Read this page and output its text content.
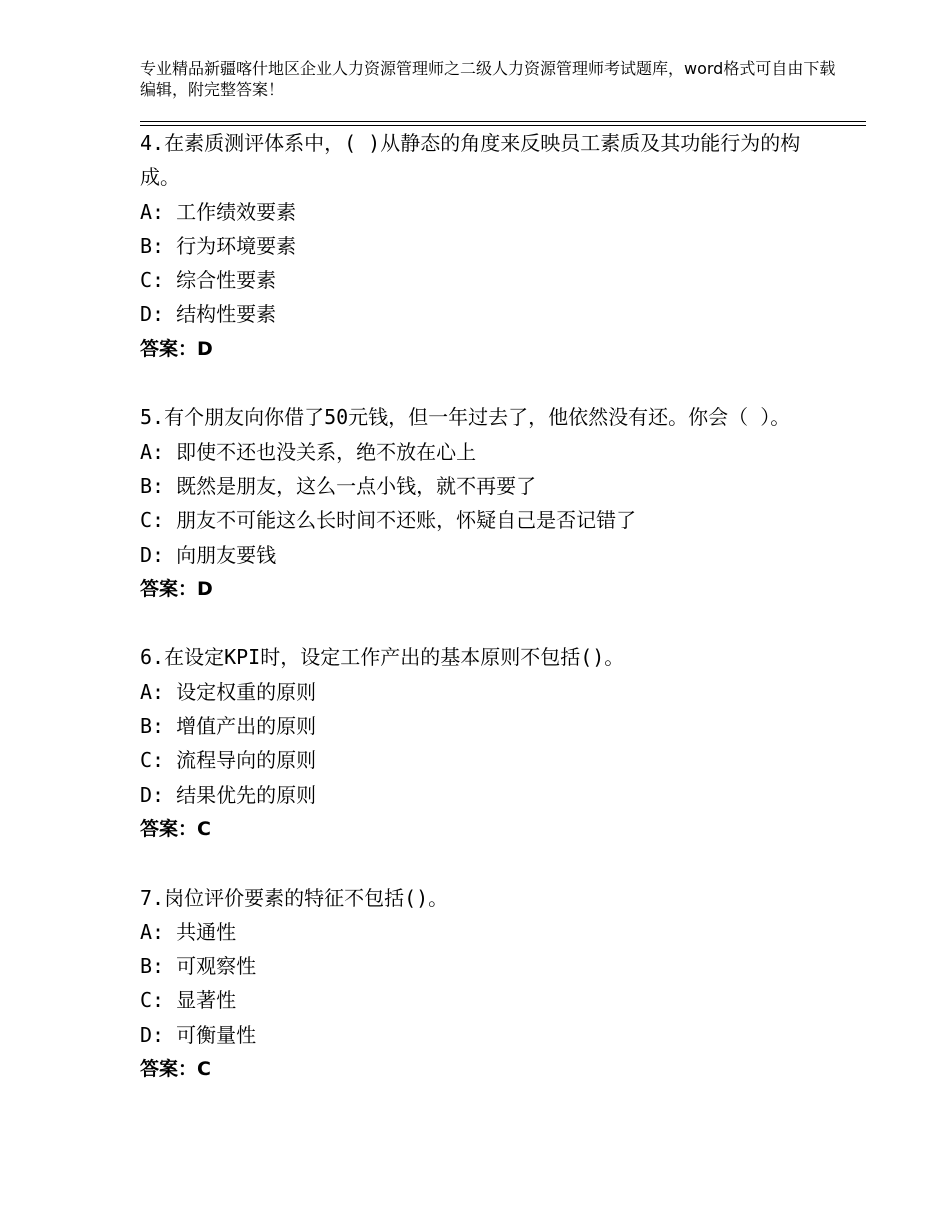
专业精品新疆喀什地区企业人力资源管理师之二级人力资源管理师考试题库，word格式可自由下载编辑，附完整答案！

4.在素质测评体系中，( )从静态的角度来反映员工素质及其功能行为的构成。

A: 工作绩效要素

B: 行为环境要素

C: 综合性要素

D: 结构性要素

答案：D

5.有个朋友向你借了50元钱，但一年过去了，他依然没有还。你会（ ）。

A: 即使不还也没关系，绝不放在心上

B: 既然是朋友，这么一点小钱，就不再要了

C: 朋友不可能这么长时间不还账，怀疑自己是否记错了

D: 向朋友要钱

答案：D

6.在设定KPI时，设定工作产出的基本原则不包括()。

A: 设定权重的原则

B: 增值产出的原则

C: 流程导向的原则

D: 结果优先的原则

答案：C

7.岗位评价要素的特征不包括()。

A: 共通性

B: 可观察性

C: 显著性

D: 可衡量性

答案：C
